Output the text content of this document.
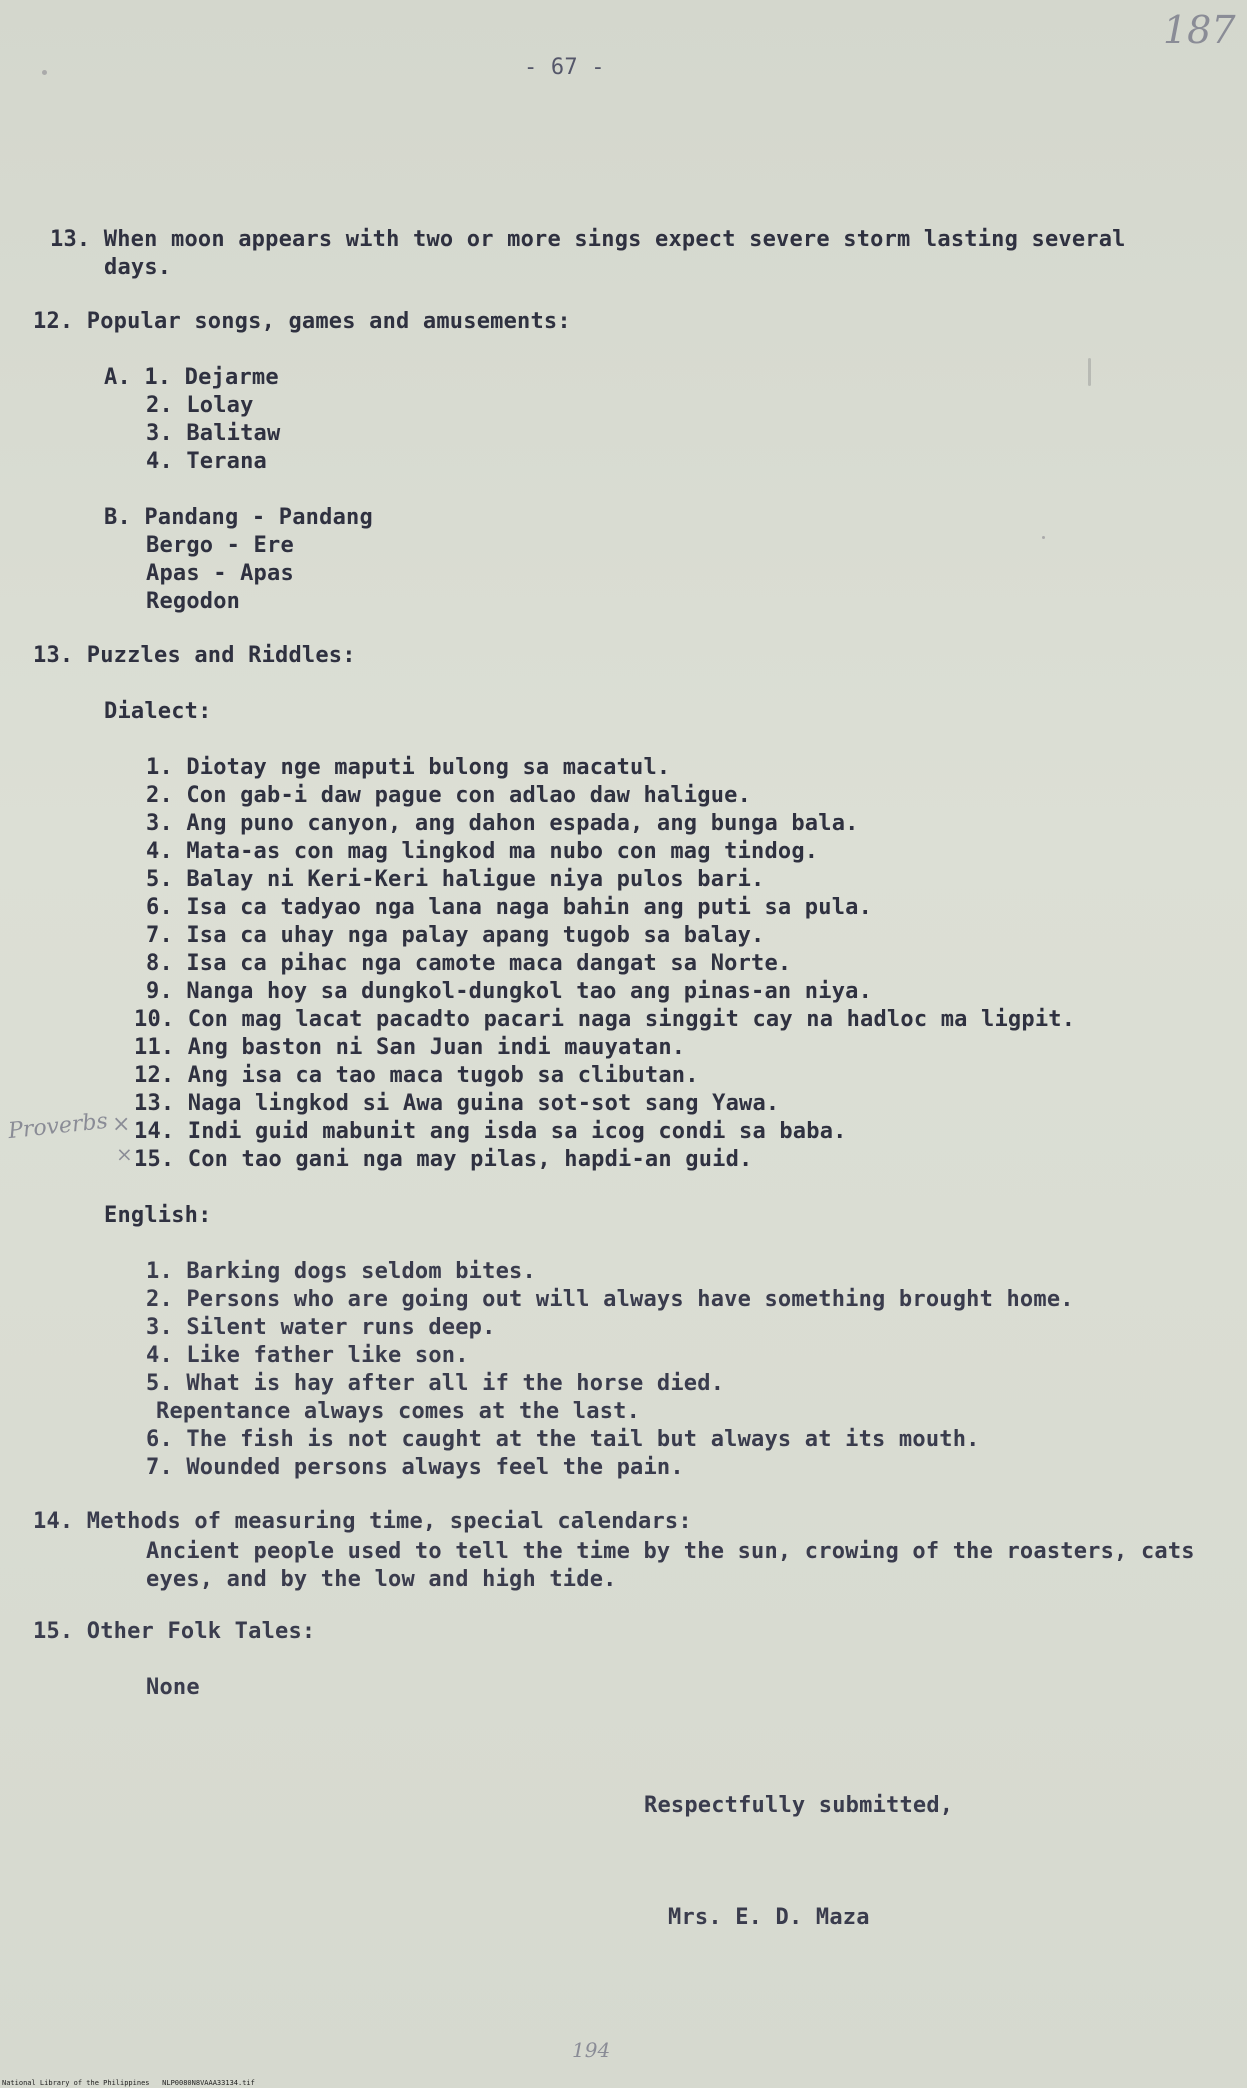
- 67 -
187
13. When moon appears with two or more sings expect severe storm lasting several
days.
12. Popular songs, games and amusements:
A. 1. Dejarme
2. Lolay
3. Balitaw
4. Terana
B. Pandang - Pandang
Bergo - Ere
Apas - Apas
Regodon
13. Puzzles and Riddles:
Dialect:
1. Diotay nge maputi bulong sa macatul.
2. Con gab-i daw pague con adlao daw haligue.
3. Ang puno canyon, ang dahon espada, ang bunga bala.
4. Mata-as con mag lingkod ma nubo con mag tindog.
5. Balay ni Keri-Keri haligue niya pulos bari.
6. Isa ca tadyao nga lana naga bahin ang puti sa pula.
7. Isa ca uhay nga palay apang tugob sa balay.
8. Isa ca pihac nga camote maca dangat sa Norte.
9. Nanga hoy sa dungkol-dungkol tao ang pinas-an niya.
10. Con mag lacat pacadto pacari naga singgit cay na hadloc ma ligpit.
11. Ang baston ni San Juan indi mauyatan.
12. Ang isa ca tao maca tugob sa clibutan.
13. Naga lingkod si Awa guina sot-sot sang Yawa.
14. Indi guid mabunit ang isda sa icog condi sa baba.
15. Con tao gani nga may pilas, hapdi-an guid.
Proverbs ×
×
English:
1. Barking dogs seldom bites.
2. Persons who are going out will always have something brought home.
3. Silent water runs deep.
4. Like father like son.
5. What is hay after all if the horse died.
Repentance always comes at the last.
6. The fish is not caught at the tail but always at its mouth.
7. Wounded persons always feel the pain.
14. Methods of measuring time, special calendars:
Ancient people used to tell the time by the sun, crowing of the roasters, cats
eyes, and by the low and high tide.
15. Other Folk Tales:
None
Respectfully submitted,
Mrs. E. D. Maza
194
National Library of the Philippines   NLP0080N8VAAA33134.tif
